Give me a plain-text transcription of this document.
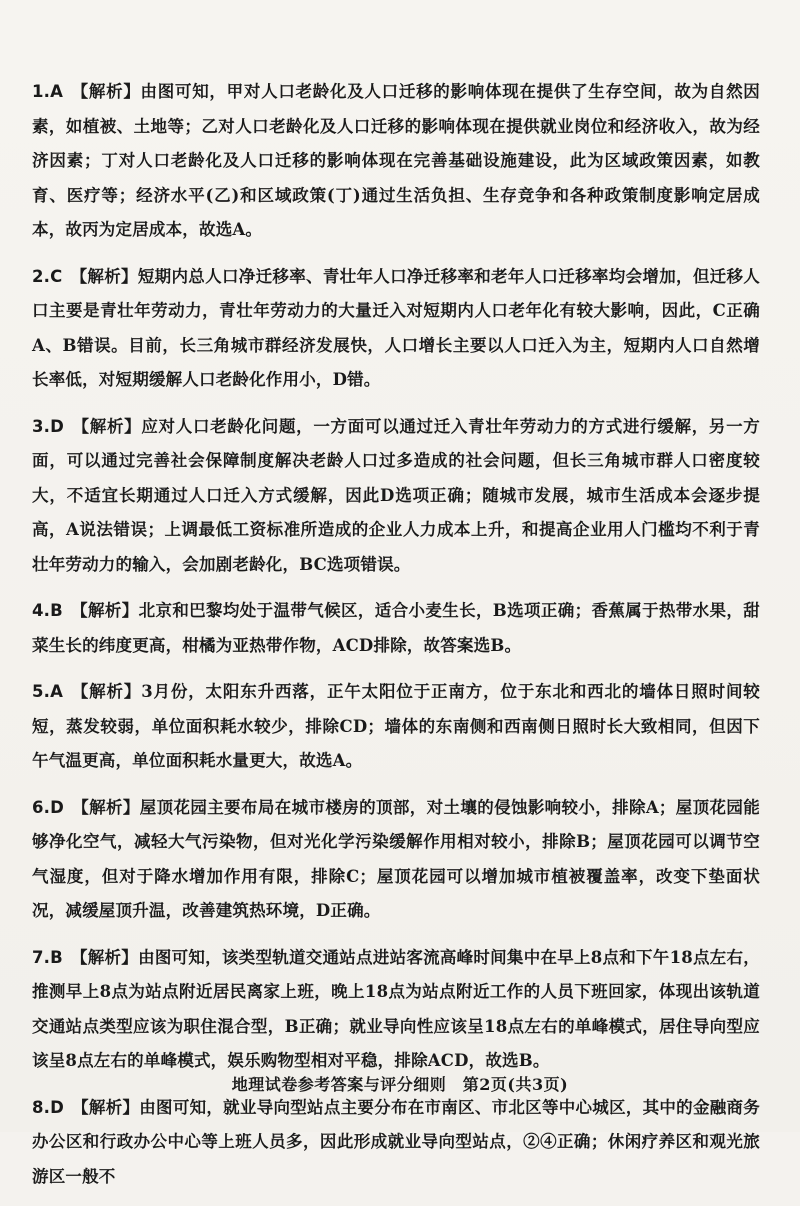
1.A 【解析】由图可知，甲对人口老龄化及人口迁移的影响体现在提供了生存空间，故为自然因素，如植被、土地等；乙对人口老龄化及人口迁移的影响体现在提供就业岗位和经济收入，故为经济因素；丁对人口老龄化及人口迁移的影响体现在完善基础设施建设，此为区域政策因素，如教育、医疗等；经济水平(乙)和区域政策(丁)通过生活负担、生存竞争和各种政策制度影响定居成本，故丙为定居成本，故选A。

2.C 【解析】短期内总人口净迁移率、青壮年人口净迁移率和老年人口迁移率均会增加，但迁移人口主要是青壮年劳动力，青壮年劳动力的大量迁入对短期内人口老年化有较大影响，因此，C正确 A、B错误。目前，长三角城市群经济发展快，人口增长主要以人口迁入为主，短期内人口自然增长率低，对短期缓解人口老龄化作用小，D错。

3.D 【解析】应对人口老龄化问题，一方面可以通过迁入青壮年劳动力的方式进行缓解，另一方面，可以通过完善社会保障制度解决老龄人口过多造成的社会问题，但长三角城市群人口密度较大，不适宜长期通过人口迁入方式缓解，因此D选项正确；随城市发展，城市生活成本会逐步提高，A说法错误；上调最低工资标准所造成的企业人力成本上升，和提高企业用人门槛均不利于青壮年劳动力的输入，会加剧老龄化，BC选项错误。

4.B 【解析】北京和巴黎均处于温带气候区，适合小麦生长，B选项正确；香蕉属于热带水果，甜菜生长的纬度更高，柑橘为亚热带作物，ACD排除，故答案选B。

5.A 【解析】3月份，太阳东升西落，正午太阳位于正南方，位于东北和西北的墙体日照时间较短，蒸发较弱，单位面积耗水较少，排除CD；墙体的东南侧和西南侧日照时长大致相同，但因下午气温更高，单位面积耗水量更大，故选A。

6.D 【解析】屋顶花园主要布局在城市楼房的顶部，对土壤的侵蚀影响较小，排除A；屋顶花园能够净化空气，减轻大气污染物，但对光化学污染缓解作用相对较小，排除B；屋顶花园可以调节空气湿度，但对于降水增加作用有限，排除C；屋顶花园可以增加城市植被覆盖率，改变下垫面状况，减缓屋顶升温，改善建筑热环境，D正确。

7.B 【解析】由图可知，该类型轨道交通站点进站客流高峰时间集中在早上8点和下午18点左右，推测早上8点为站点附近居民离家上班，晚上18点为站点附近工作的人员下班回家，体现出该轨道交通站点类型应该为职住混合型，B正确；就业导向性应该呈18点左右的单峰模式，居住导向型应该呈8点左右的单峰模式，娱乐购物型相对平稳，排除ACD，故选B。

8.D 【解析】由图可知，就业导向型站点主要分布在市南区、市北区等中心城区，其中的金融商务办公区和行政办公中心等上班人员多，因此形成就业导向型站点，②④正确；休闲疗养区和观光旅游区一般不

地理试卷参考答案与评分细则　第2页(共3页)
